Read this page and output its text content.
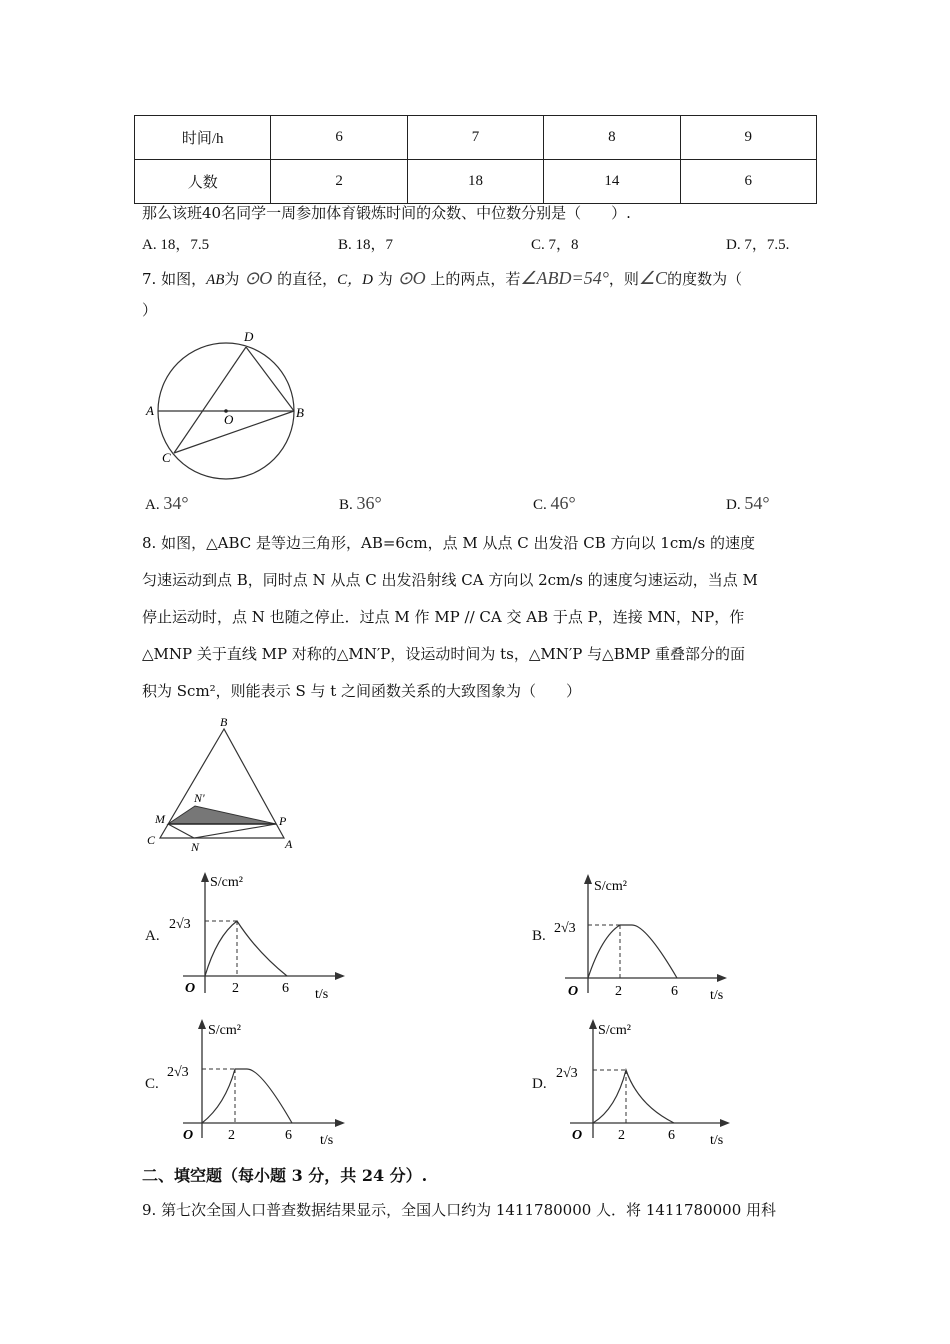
时间/h	6	7	8	9
人数	2	18	14	6
那么该班40名同学一周参加体育锻炼时间的众数、中位数分别是（　　）.
A. 18，7.5	B. 18，7	C. 7，8	D. 7，7.5.
7. 如图，AB为 ⊙O 的直径，C，D 为 ⊙O 上的两点，若∠ABD=54°，则∠C的度数为（
）
D
A
O	B
C
A. 34°	B. 36°	C. 46°	D. 54°
8. 如图，△ABC 是等边三角形，AB=6cm，点 M 从点 C 出发沿 CB 方向以 1cm/s 的速度
匀速运动到点 B，同时点 N 从点 C 出发沿射线 CA 方向以 2cm/s 的速度匀速运动，当点 M
停止运动时，点 N 也随之停止．过点 M 作 MP // CA 交 AB 于点 P，连接 MN，NP，作
△MNP 关于直线 MP 对称的△MN′P，设运动时间为 ts，△MN′P 与△BMP 重叠部分的面
积为 Scm²，则能表示 S 与 t 之间函数关系的大致图象为（　　）
B
N'
M	P
C	N	A
A.
S/cm²
2√3
O	2	6 t/s
B.
S/cm²
2√3
O	2	6 t/s
C.
S/cm²
2√3
O 2	6 t/s
D.
S/cm²
2√3
O	2	6	t/s
二、填空题（每小题 3 分，共 24 分）.
9. 第七次全国人口普查数据结果显示，全国人口约为 1411780000 人．将 1411780000 用科
